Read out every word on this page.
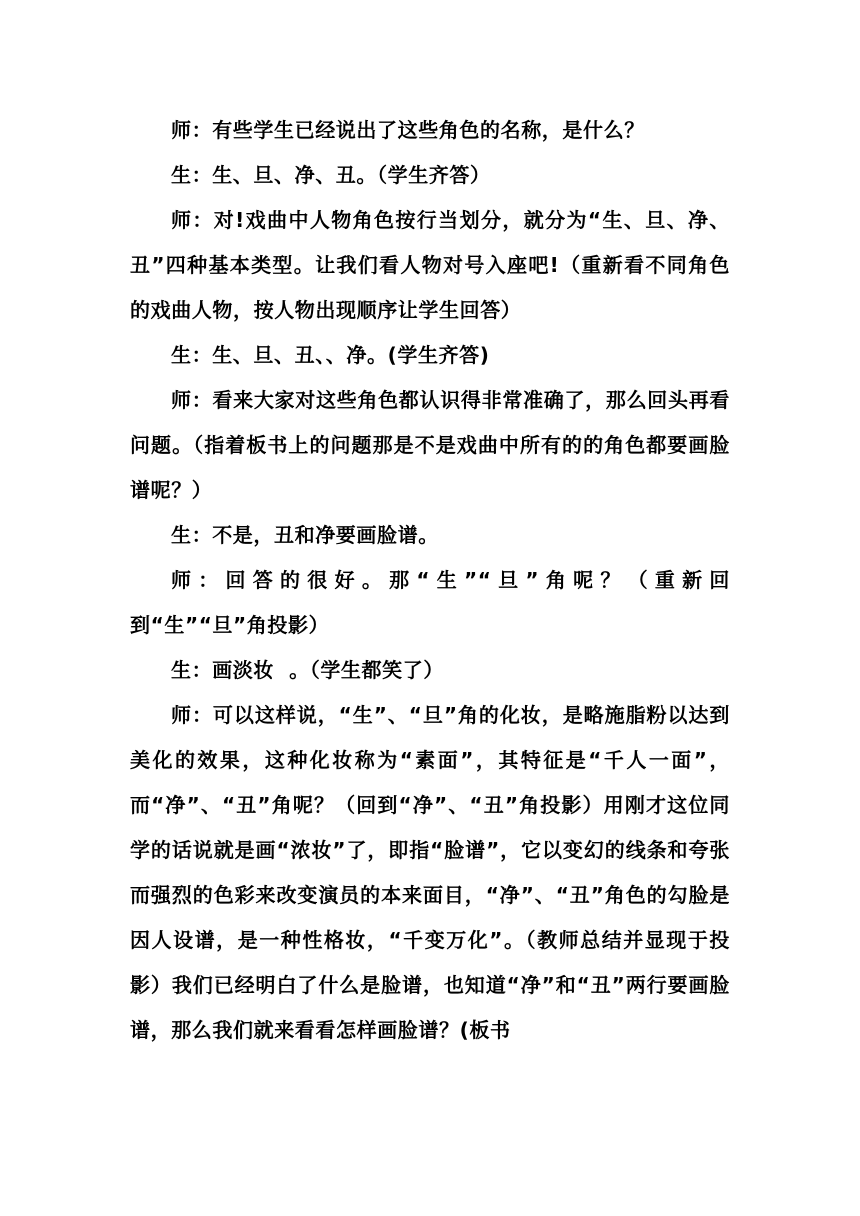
师：有些学生已经说出了这些角色的名称，是什么？

生：生、旦、净、丑。（学生齐答）

师：对!戏曲中人物角色按行当划分，就分为“生、旦、净、丑”四种基本类型。让我们看人物对号入座吧!（重新看不同角色的戏曲人物，按人物出现顺序让学生回答）

生：生、旦、丑、、净。(学生齐答)

师：看来大家对这些角色都认识得非常准确了，那么回头再看问题。（指着板书上的问题那是不是戏曲中所有的的角色都要画脸谱呢？）

生：不是，丑和净要画脸谱。

师：回答的很好。那“生”“旦”角呢？（重新回到“生”“旦”角投影）

生：画淡妆  。（学生都笑了）

师：可以这样说，“生”、“旦”角的化妆，是略施脂粉以达到美化的效果，这种化妆称为“素面”，其特征是“千人一面”，而“净”、“丑”角呢？（回到“净”、“丑”角投影）用刚才这位同学的话说就是画“浓妆”了，即指“脸谱”，它以变幻的线条和夸张而强烈的色彩来改变演员的本来面目，“净”、“丑”角色的勾脸是因人设谱，是一种性格妆，“千变万化”。（教师总结并显现于投影）我们已经明白了什么是脸谱，也知道“净”和“丑”两行要画脸谱，那么我们就来看看怎样画脸谱？(板书
